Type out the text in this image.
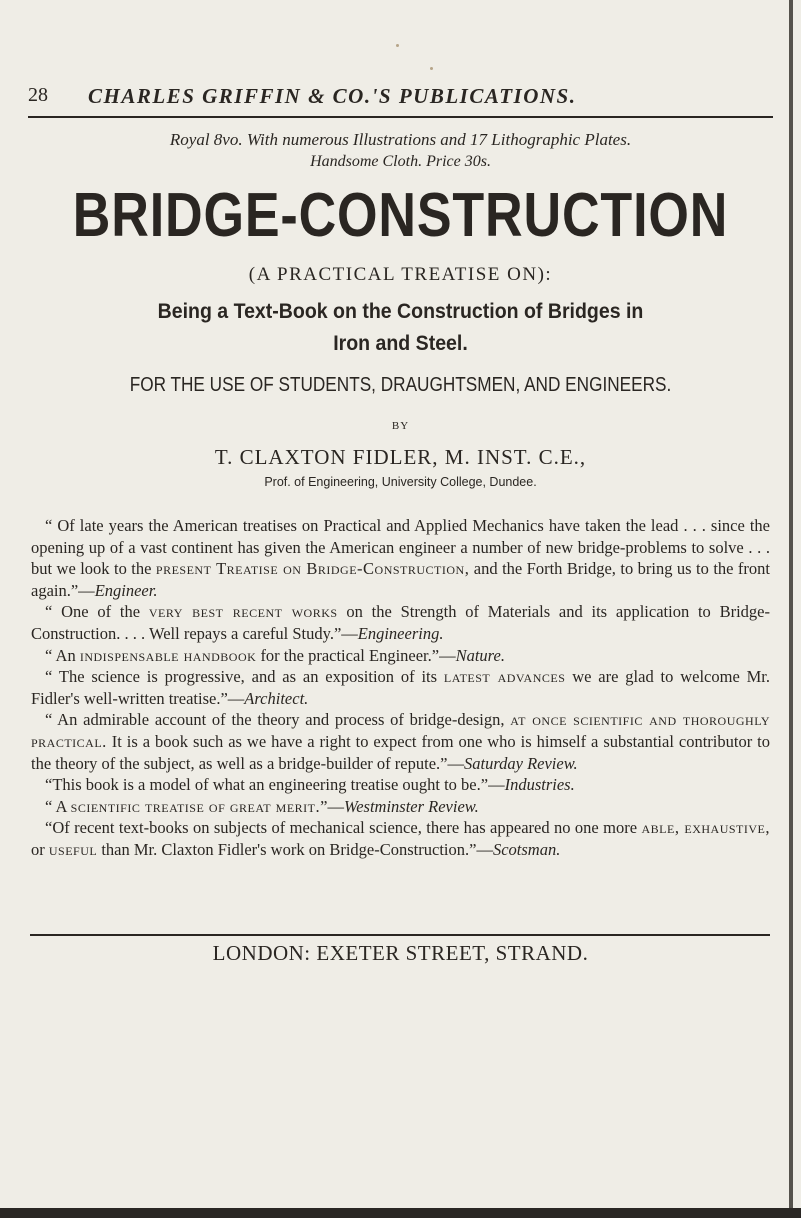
28 CHARLES GRIFFIN & CO.'S PUBLICATIONS.
Royal 8vo. With numerous Illustrations and 17 Lithographic Plates.
Handsome Cloth. Price 30s.
BRIDGE-CONSTRUCTION
(A PRACTICAL TREATISE ON):
Being a Text-Book on the Construction of Bridges in
Iron and Steel.
FOR THE USE OF STUDENTS, DRAUGHTSMEN, AND ENGINEERS.
BY
T. CLAXTON FIDLER, M. INST. C.E.,
Prof. of Engineering, University College, Dundee.

“ Of late years the American treatises on Practical and Applied Mechanics have taken the lead . . . since the opening up of a vast continent has given the American engineer a number of new bridge-problems to solve . . . but we look to the present Treatise on Bridge-Construction, and the Forth Bridge, to bring us to the front again.”—Engineer.

“ One of the very best recent works on the Strength of Materials and its application to Bridge-Construction. . . . Well repays a careful Study.”—Engineering.

“ An indispensable handbook for the practical Engineer.”—Nature.

“ The science is progressive, and as an exposition of its latest advances we are glad to welcome Mr. Fidler's well-written treatise.”—Architect.

“ An admirable account of the theory and process of bridge-design, at once scientific and thoroughly practical. It is a book such as we have a right to expect from one who is himself a substantial contributor to the theory of the subject, as well as a bridge-builder of repute.”—Saturday Review.

“This book is a model of what an engineering treatise ought to be.”—Industries.

“ A scientific treatise of great merit.”—Westminster Review.

“Of recent text-books on subjects of mechanical science, there has appeared no one more able, exhaustive, or useful than Mr. Claxton Fidler's work on Bridge-Construction.”—Scotsman.

LONDON: EXETER STREET, STRAND.
